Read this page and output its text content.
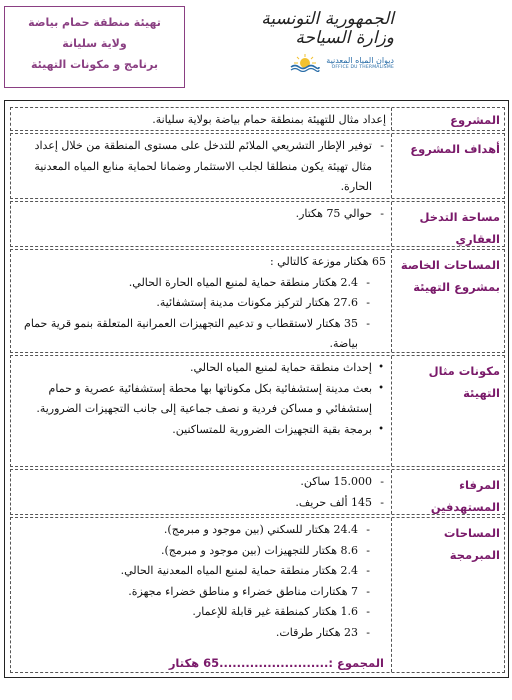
الجمهورية التونسية
وزارة السياحة
ديوان المياه المعدنية
OFFICE DU THERMALISME
تهيئة منطقة حمام بياضة
ولاية سليانة
برنامج و مكونات التهيئة
المشروع
إعداد مثال للتهيئة بمنطقة حمام بياضة بولاية سليانة.
أهداف المشروع
- توفير الإطار التشريعي الملائم للتدخل على مستوى المنطقة من خلال إعداد مثال تهيئة يكون منطلقا لجلب الاستثمار وضمانا لحماية منابع المياه المعدنية الحارة.
مساحة التدخل العقاري
- حوالي 75 هكتار.
المساحات الخاصة بمشروع التهيئة
65 هكتار موزعة كالتالي :
- 2.4 هكتار منطقة حماية لمنبع المياه الحارة الحالي.
- 27.6 هكتار لتركيز مكونات مدينة إستشفائية.
- 35 هكتار لاستقطاب و تدعيم التجهيزات العمرانية المتعلقة بنمو قرية حمام بياضة.
مكونات مثال التهيئة
• إحداث منطقة حماية لمنبع المياه الحالي.
• بعث مدينة إستشفائية بكل مكوناتها بها محطة إستشفائية عصرية و حمام إستشفائي و مساكن فردية و نصف جماعية إلى جانب التجهيزات الضرورية.
• برمجة بقية التجهيزات الضرورية للمتساكنين.
المرفاء المستهدفين
- 15.000 ساكن.
- 145 ألف حريف.
المساحات المبرمجة
- 24.4 هكتار للسكني (بين موجود و مبرمج).
- 8.6 هكتار للتجهيزات (بين موجود و مبرمج).
- 2.4 هكتار منطقة حماية لمنبع المياه المعدنية الحالي.
- 7 هكتارات مناطق خضراء و مناطق خضراء مجهزة.
- 1.6 هكتار كمنطقة غير قابلة للإعمار.
- 23 هكتار طرقات.
المجموع :.........................65 هكتار
